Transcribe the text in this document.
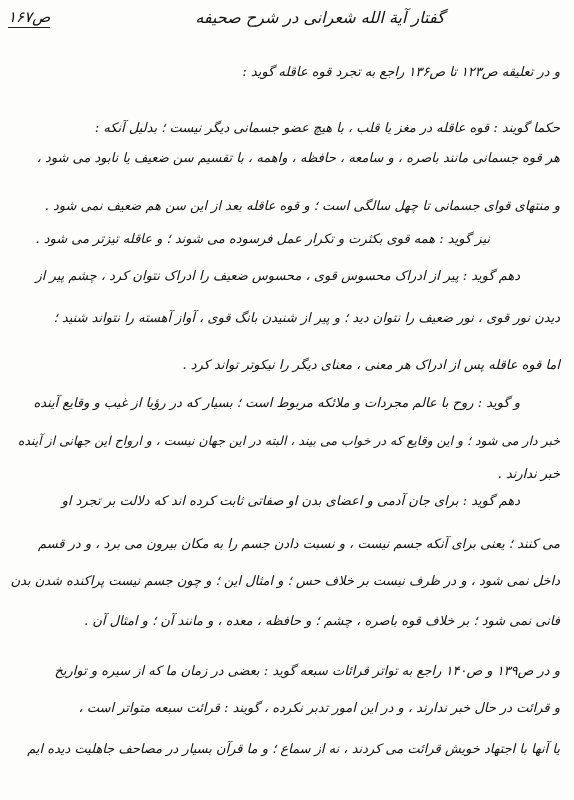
ص۱۶۷	گفتار آیة الله شعرانی در شرح صحیفه
و در تعلیقه ص۱۲۳ تا ص۱۳۶ راجع به تجرد قوه عاقله گوید :
حکما گویند : قوه عاقله در مغز یا قلب ، با هیچ عضو جسمانی دیگر نیست ؛ بدلیل آنکه :
هر قوه جسمانی مانند باصره ، و سامعه ، حافظه ، واهمه ، با تقسیم سن ضعیف یا نابود می شود ،
و منتهای قوای جسمانی تا چهل سالگی است ؛ و قوه عاقله بعد از این سن هم ضعیف نمی شود .
نیز گوید : همه قوی بکثرت و تکرار عمل فرسوده می شوند ؛ و عاقله تیزتر می شود .
دهم گوید : پیر از ادراک محسوس قوی ، محسوس ضعیف را ادراک نتوان کرد ، چشم پیر از
دیدن نور قوی ، نور ضعیف را نتوان دید ؛ و پیر از شنیدن بانگ قوی ، آواز آهسته را نتواند شنید ؛
اما قوه عاقله پس از ادراک هر معنی ، معنای دیگر را نیکوتر تواند کرد .
و گوید : روح با عالم مجردات و ملائکه مربوط است ؛ بسیار که در رؤیا از غیب و وقایع آینده
خبر دار می شود ؛ و این وقایع که در خواب می بیند ، البته در این جهان نیست ، و ارواح این جهانی از آینده
خبر ندارند .
دهم گوید : برای جان آدمی و اعضای بدن او صفاتی ثابت کرده اند که دلالت بر تجرد او
می کنند ؛ یعنی برای آنکه جسم نیست ، و نسبت دادن جسم را به مکان بیرون می برد ، و در قسم
داخل نمی شود ، و در ظرف نیست بر خلاف حس ؛ و امثال این ؛ و چون جسم نیست پراکنده شدن بدن
فانی نمی شود ؛ بر خلاف قوه باصره ، چشم ؛ و حافظه ، معده ، و مانند آن ؛ و امثال آن .
و در ص۱۳۹ و ص۱۴۰ راجع به تواتر قرائات سبعه گوید : بعضی در زمان ما که از سیره و تواریخ
و قرائت در حال خبر ندارند ، و در این امور تدبر نکرده ، گویند : قرائت سبعه متواتر است ،
یا آنها با اجتهاد خویش قرائت می کردند ، نه از سماع ؛ و ما قرآن بسیار در مصاحف جاهلیت دیده ایم
